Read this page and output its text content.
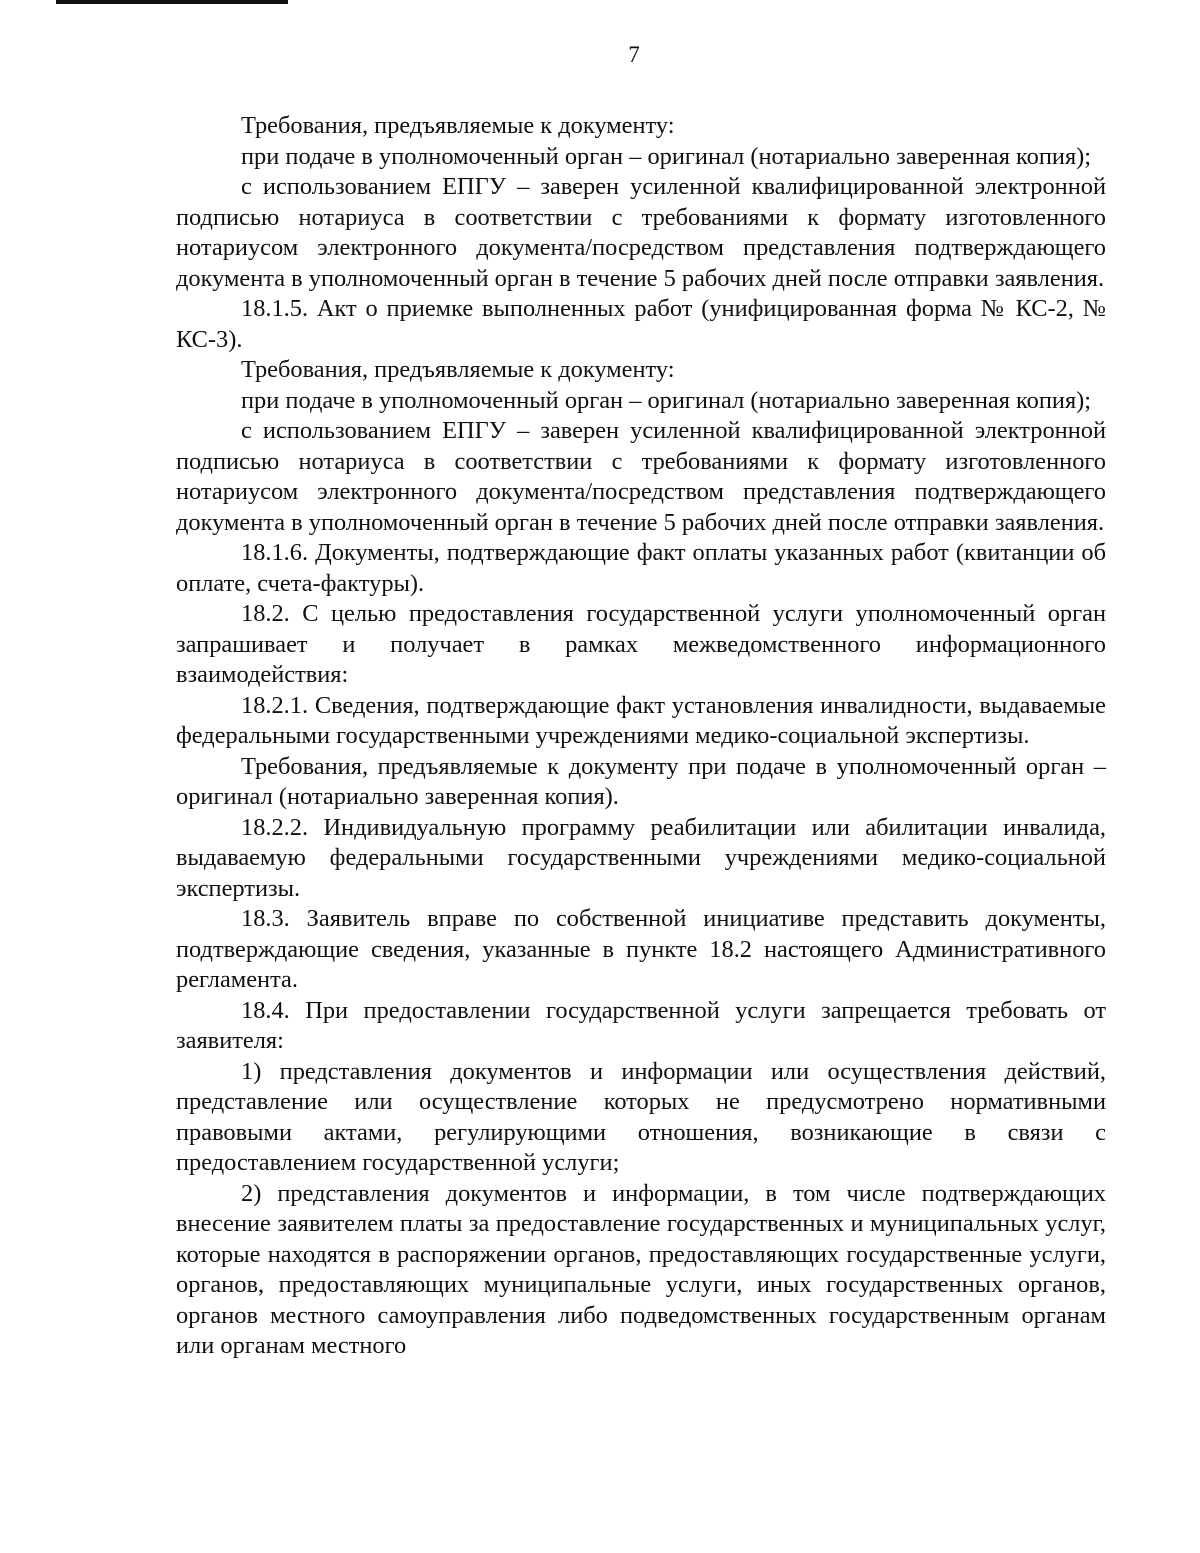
7

Требования, предъявляемые к документу:

при подаче в уполномоченный орган – оригинал (нотариально заверенная копия);

с использованием ЕПГУ – заверен усиленной квалифицированной электронной подписью нотариуса в соответствии с требованиями к формату изготовленного нотариусом электронного документа/посредством представления подтверждающего документа в уполномоченный орган в течение 5 рабочих дней после отправки заявления.

18.1.5. Акт о приемке выполненных работ (унифицированная форма № КС-2, № КС-3).

Требования, предъявляемые к документу:

при подаче в уполномоченный орган – оригинал (нотариально заверенная копия);

с использованием ЕПГУ – заверен усиленной квалифицированной электронной подписью нотариуса в соответствии с требованиями к формату изготовленного нотариусом электронного документа/посредством представления подтверждающего документа в уполномоченный орган в течение 5 рабочих дней после отправки заявления.

18.1.6. Документы, подтверждающие факт оплаты указанных работ (квитанции об оплате, счета-фактуры).

18.2. С целью предоставления государственной услуги уполномоченный орган запрашивает и получает в рамках межведомственного информационного взаимодействия:

18.2.1. Сведения, подтверждающие факт установления инвалидности, выдаваемые федеральными государственными учреждениями медико-социальной экспертизы.

Требования, предъявляемые к документу при подаче в уполномоченный орган – оригинал (нотариально заверенная копия).

18.2.2. Индивидуальную программу реабилитации или абилитации инвалида, выдаваемую федеральными государственными учреждениями медико-социальной экспертизы.

18.3. Заявитель вправе по собственной инициативе представить документы, подтверждающие сведения, указанные в пункте 18.2 настоящего Административного регламента.

18.4. При предоставлении государственной услуги запрещается требовать от заявителя:

1) представления документов и информации или осуществления действий, представление или осуществление которых не предусмотрено нормативными правовыми актами, регулирующими отношения, возникающие в связи с предоставлением государственной услуги;

2) представления документов и информации, в том числе подтверждающих внесение заявителем платы за предоставление государственных и муниципальных услуг, которые находятся в распоряжении органов, предоставляющих государственные услуги, органов, предоставляющих муниципальные услуги, иных государственных органов, органов местного самоуправления либо подведомственных государственным органам или органам местного
